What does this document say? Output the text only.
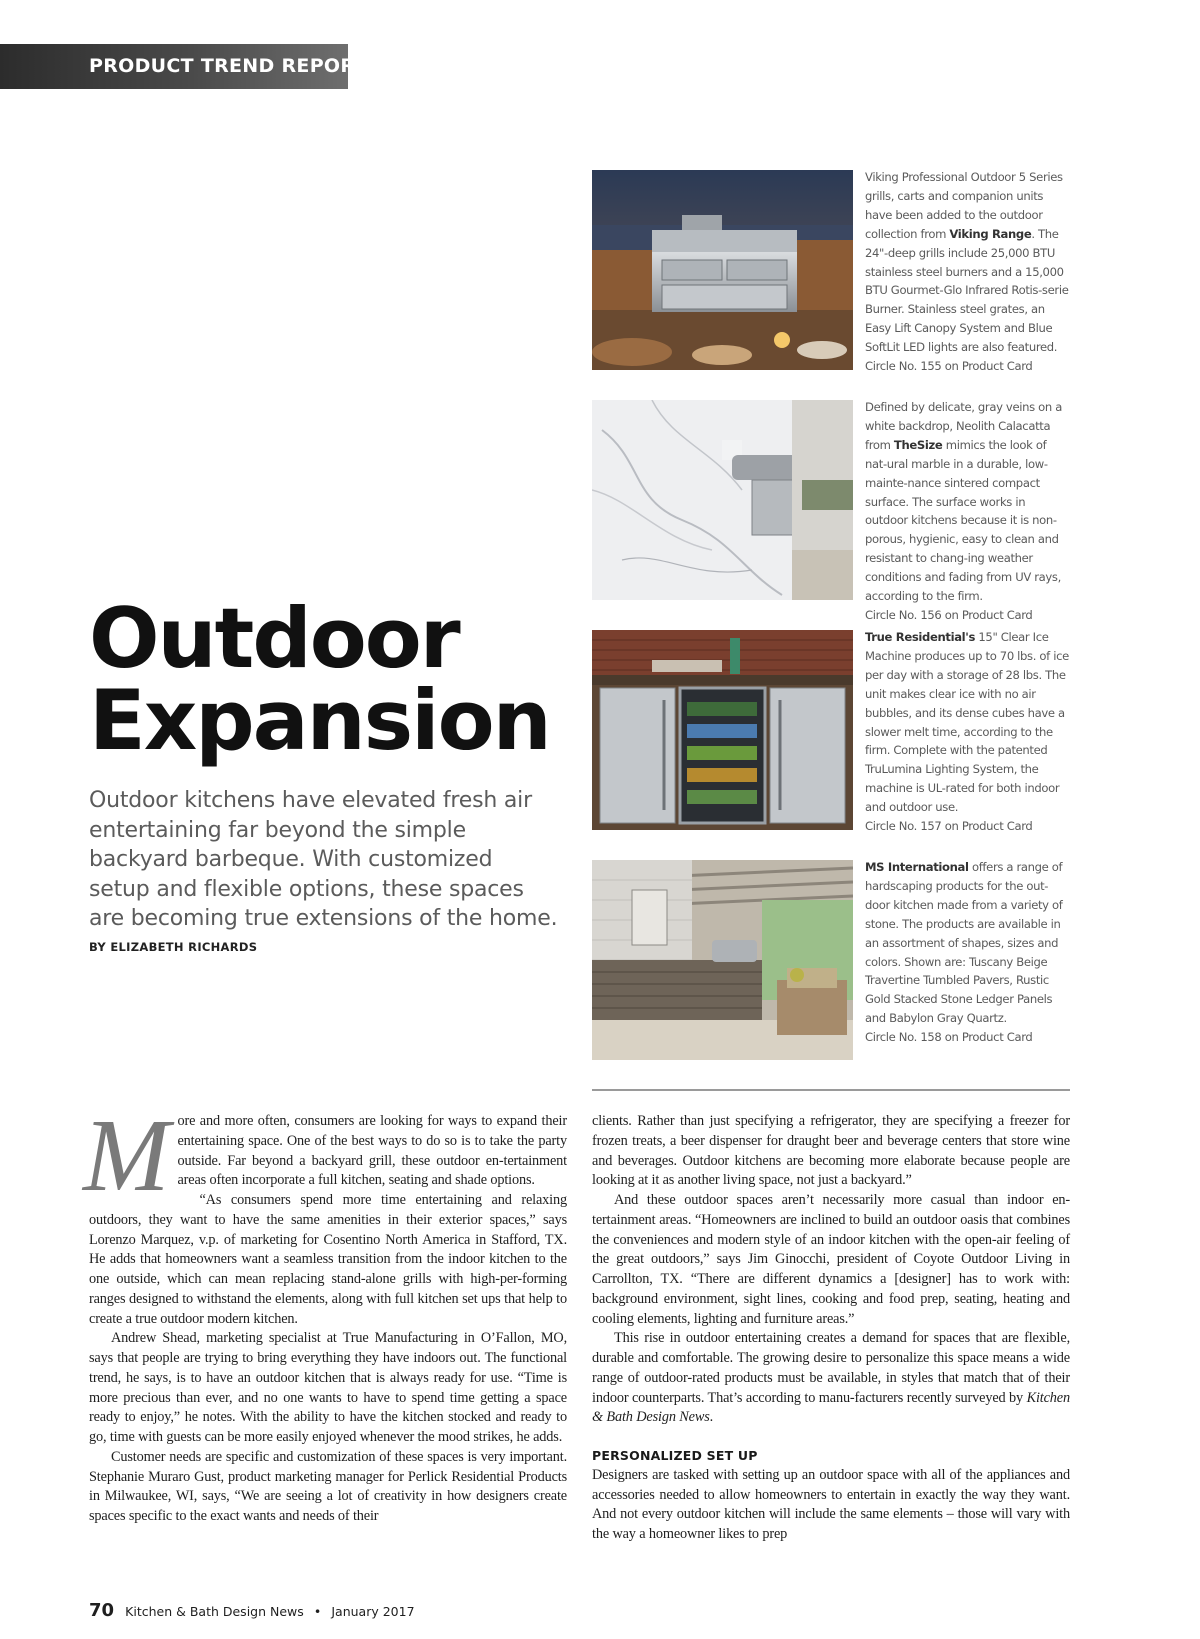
PRODUCT TREND REPORT
Outdoor
Expansion

Outdoor kitchens have elevated fresh air entertaining far beyond the simple backyard barbeque. With customized setup and flexible options, these spaces are becoming true extensions of the home.

BY ELIZABETH RICHARDS
Viking Professional Outdoor 5 Series grills, carts and companion units have been added to the outdoor collection from Viking Range. The 24"-deep grills include 25,000 BTU stainless steel burners and a 15,000 BTU Gourmet-Glo Infrared Rotis-serie Burner. Stainless steel grates, an Easy Lift Canopy System and Blue SoftLit LED lights are also featured.
Circle No. 155 on Product Card
Defined by delicate, gray veins on a white backdrop, Neolith Calacatta from TheSize mimics the look of nat-ural marble in a durable, low-mainte-nance sintered compact surface. The surface works in outdoor kitchens because it is non-porous, hygienic, easy to clean and resistant to chang-ing weather conditions and fading from UV rays, according to the firm.
Circle No. 156 on Product Card
True Residential's 15" Clear Ice Machine produces up to 70 lbs. of ice per day with a storage of 28 lbs. The unit makes clear ice with no air bubbles, and its dense cubes have a slower melt time, according to the firm. Complete with the patented TruLumina Lighting System, the machine is UL-rated for both indoor and outdoor use.
Circle No. 157 on Product Card
MS International offers a range of hardscaping products for the out-door kitchen made from a variety of stone. The products are available in an assortment of shapes, sizes and colors. Shown are: Tuscany Beige Travertine Tumbled Pavers, Rustic Gold Stacked Stone Ledger Panels and Babylon Gray Quartz.
Circle No. 158 on Product Card

More and more often, consumers are looking for ways to expand their entertaining space. One of the best ways to do so is to take the party outside. Far beyond a backyard grill, these outdoor en-tertainment areas often incorporate a full kitchen, seating and shade options.

“As consumers spend more time entertaining and relaxing outdoors, they want to have the same amenities in their exterior spaces,” says Lorenzo Marquez, v.p. of marketing for Cosentino North America in Stafford, TX. He adds that homeowners want a seamless transition from the indoor kitchen to the one outside, which can mean replacing stand-alone grills with high-per-forming ranges designed to withstand the elements, along with full kitchen set ups that help to create a true outdoor modern kitchen.

Andrew Shead, marketing specialist at True Manufacturing in O’Fallon, MO, says that people are trying to bring everything they have indoors out. The functional trend, he says, is to have an outdoor kitchen that is always ready for use. “Time is more precious than ever, and no one wants to have to spend time getting a space ready to enjoy,” he notes. With the ability to have the kitchen stocked and ready to go, time with guests can be more easily enjoyed whenever the mood strikes, he adds.

Customer needs are specific and customization of these spaces is very important. Stephanie Muraro Gust, product marketing manager for Perlick Residential Products in Milwaukee, WI, says, “We are seeing a lot of creativity in how designers create spaces specific to the exact wants and needs of their

clients. Rather than just specifying a refrigerator, they are specifying a freezer for frozen treats, a beer dispenser for draught beer and beverage centers that store wine and beverages. Outdoor kitchens are becoming more elaborate because people are looking at it as another living space, not just a backyard.”

And these outdoor spaces aren’t necessarily more casual than indoor en-tertainment areas. “Homeowners are inclined to build an outdoor oasis that combines the conveniences and modern style of an indoor kitchen with the open-air feeling of the great outdoors,” says Jim Ginocchi, president of Coyote Outdoor Living in Carrollton, TX. “There are different dynamics a [designer] has to work with: background environment, sight lines, cooking and food prep, seating, heating and cooling elements, lighting and furniture areas.”

This rise in outdoor entertaining creates a demand for spaces that are flexible, durable and comfortable. The growing desire to personalize this space means a wide range of outdoor-rated products must be available, in styles that match that of their indoor counterparts. That’s according to manu-facturers recently surveyed by Kitchen & Bath Design News.

PERSONALIZED SET UP

Designers are tasked with setting up an outdoor space with all of the appliances and accessories needed to allow homeowners to entertain in exactly the way they want. And not every outdoor kitchen will include the same elements – those will vary with the way a homeowner likes to prep

70 Kitchen & Bath Design News • January 2017
